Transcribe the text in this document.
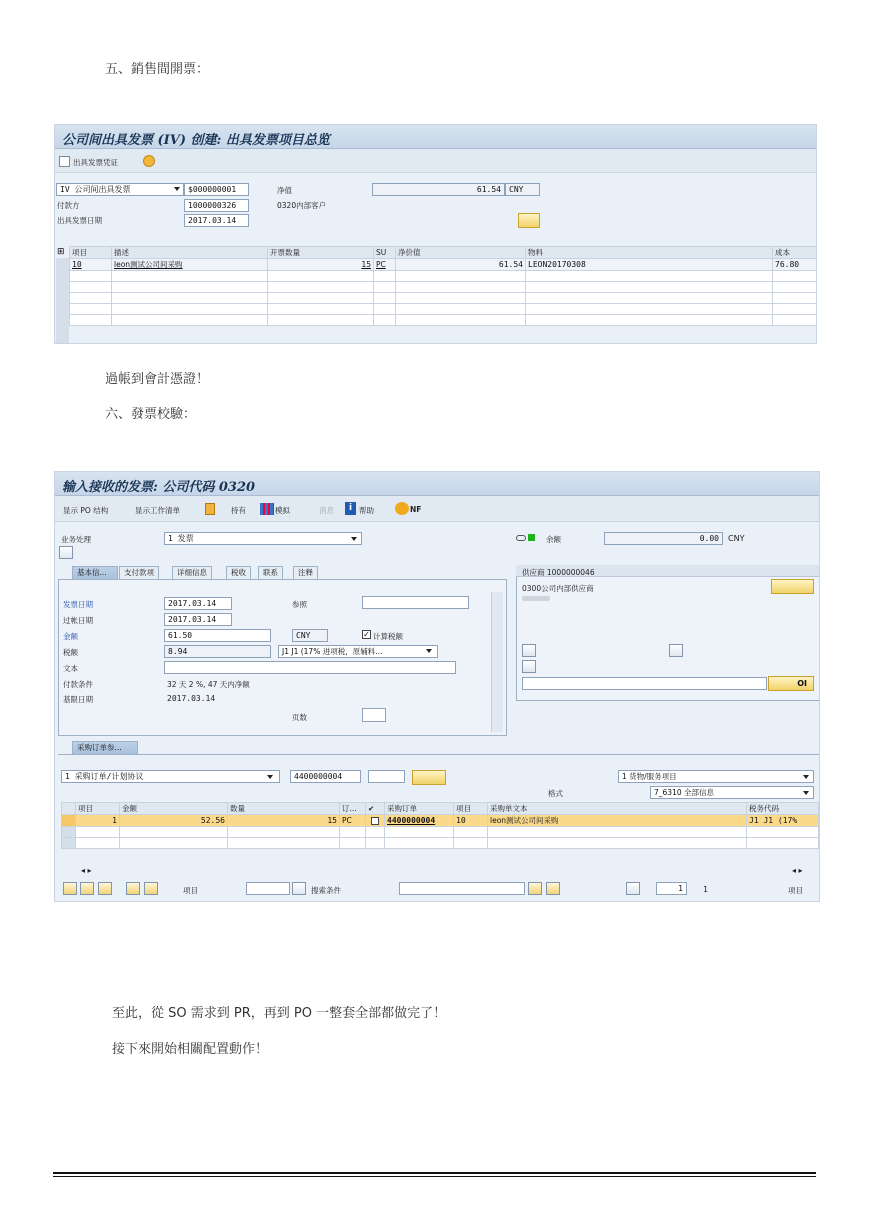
五、銷售間開票：
公司间出具发票 (IV) 创建: 出具发票项目总览
出具发票凭证
IV 公司间出具发票	$000000001	净值	61.54	CNY
付款方	1000000326	0320内部客户
出具发票日期	2017.03.14
⊞ 项目	描述	开票数量	SU	净价值	物料	成本
10	leon测试公司间采购	15	PC	61.54	LEON20170308	76.80

過帳到會計憑證！
六、發票校驗：
输入接收的发票: 公司代码 0320
显示 PO 结构	显示工作清单	持有	模拟	消息	i 帮助	NF
业务处理	1 发票	余额	0.00	CNY
基本信...	支付款项	详细信息	税收	联系	注释
发票日期	2017.03.14	参照
过帐日期	2017.03.14
金额	61.50	CNY	✓ 计算税额
税额	8.94	J1 J1 (17% 进项税，原辅料...
文本
付款条件	32 天 2 %, 47 天内净额
基限日期	2017.03.14
页数
供应商 1000000046
0300公司内部供应商
OI
采购订单参...
1 采购订单/计划协议	4400000004	1 货物/服务项目
格式	7_6310 全部信息
	项目	金额	数量	订...	✔	采购订单	项目	采购单文本	税务代码
	1	52.56	15	PC		4400000004	10	leon测试公司间采购	J1 J1 (17%

◂ ▸	◂ ▸
项目	搜索条件	1	1	项目
至此，從 SO 需求到 PR，再到 PO 一整套全部都做完了！
接下來開始相關配置動作！
